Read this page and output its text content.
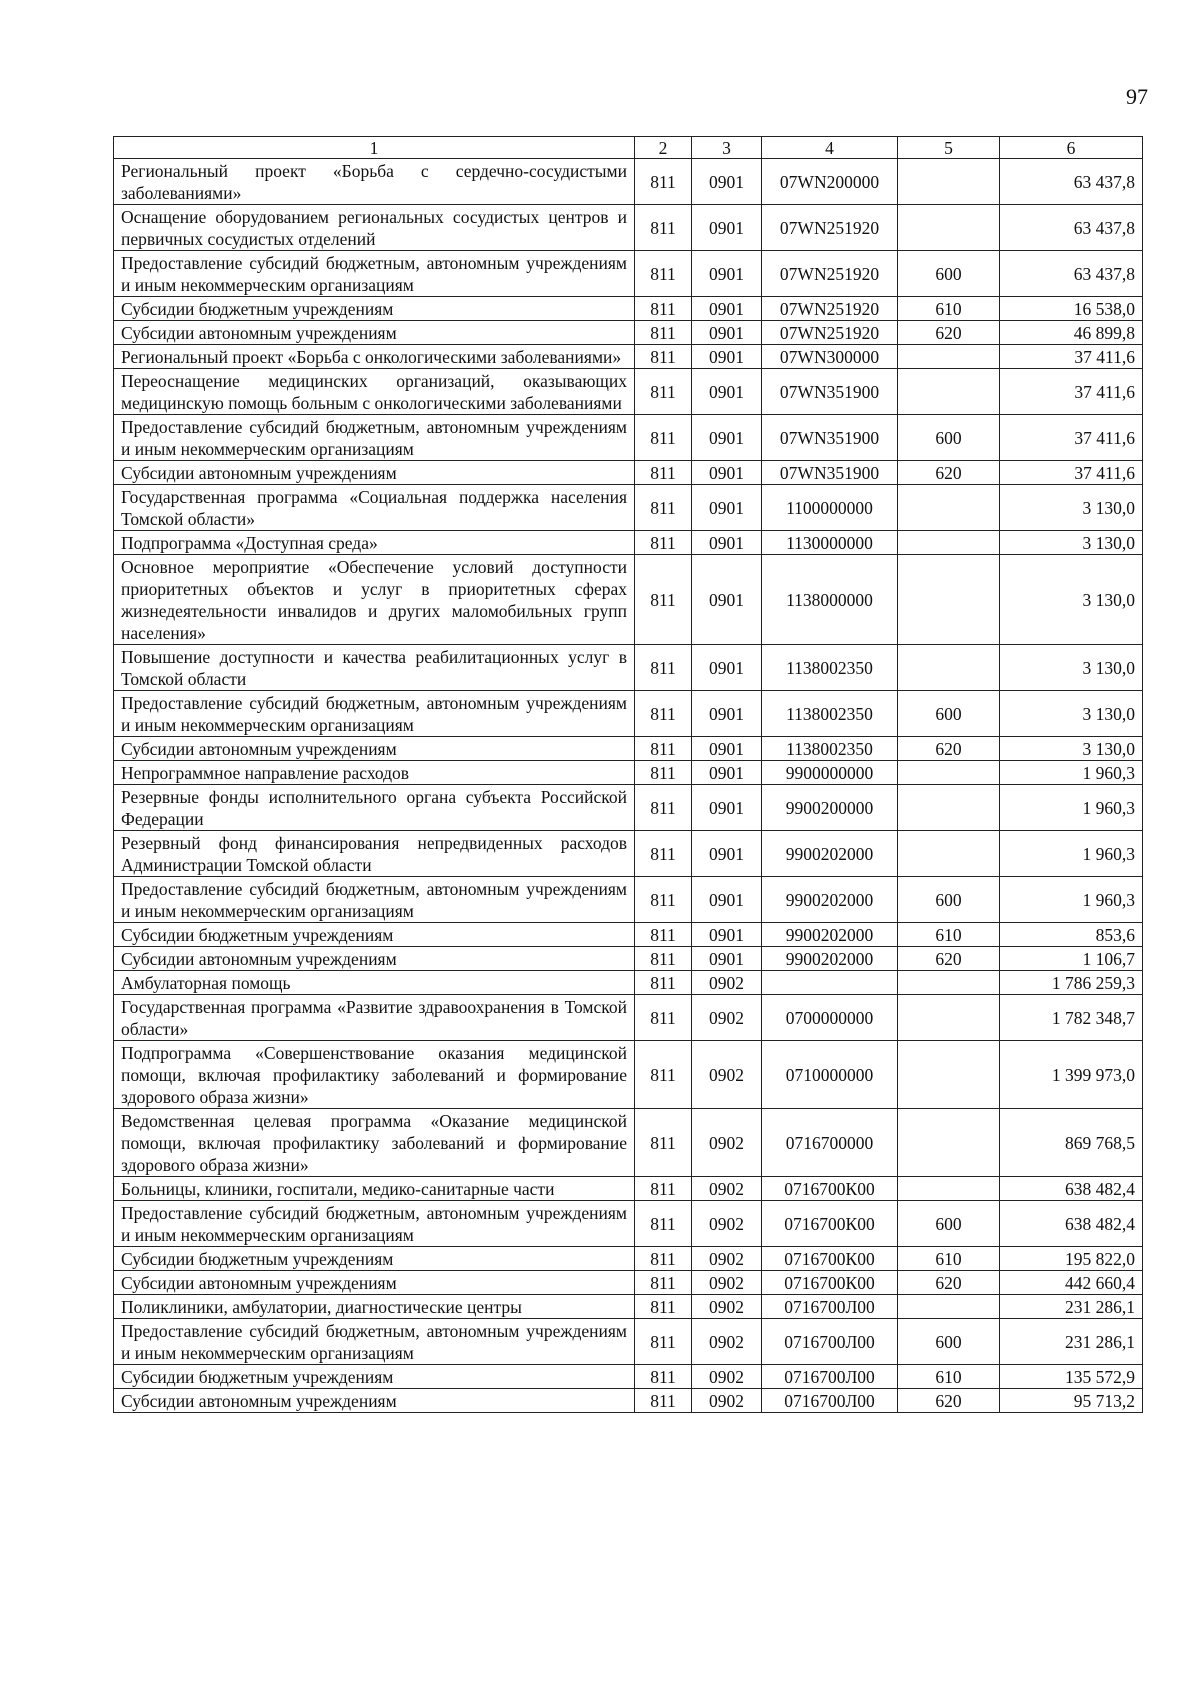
97
1	2	3	4	5	6
Региональный проект «Борьба с сердечно-сосудистыми заболеваниями»	811	0901	07WN200000		63 437,8
Оснащение оборудованием региональных сосудистых центров и первичных сосудистых отделений	811	0901	07WN251920		63 437,8
Предоставление субсидий бюджетным, автономным учреждениям и иным некоммерческим организациям	811	0901	07WN251920	600	63 437,8
Субсидии бюджетным учреждениям	811	0901	07WN251920	610	16 538,0
Субсидии автономным учреждениям	811	0901	07WN251920	620	46 899,8
Региональный проект «Борьба с онкологическими заболеваниями»	811	0901	07WN300000		37 411,6
Переоснащение медицинских организаций, оказывающих медицинскую помощь больным с онкологическими заболеваниями	811	0901	07WN351900		37 411,6
Предоставление субсидий бюджетным, автономным учреждениям и иным некоммерческим организациям	811	0901	07WN351900	600	37 411,6
Субсидии автономным учреждениям	811	0901	07WN351900	620	37 411,6
Государственная программа «Социальная поддержка населения Томской области»	811	0901	1100000000		3 130,0
Подпрограмма «Доступная среда»	811	0901	1130000000		3 130,0
Основное мероприятие «Обеспечение условий доступности приоритетных объектов и услуг в приоритетных сферах жизнедеятельности инвалидов и других маломобильных групп населения»	811	0901	1138000000		3 130,0
Повышение доступности и качества реабилитационных услуг в Томской области	811	0901	1138002350		3 130,0
Предоставление субсидий бюджетным, автономным учреждениям и иным некоммерческим организациям	811	0901	1138002350	600	3 130,0
Субсидии автономным учреждениям	811	0901	1138002350	620	3 130,0
Непрограммное направление расходов	811	0901	9900000000		1 960,3
Резервные фонды исполнительного органа субъекта Российской Федерации	811	0901	9900200000		1 960,3
Резервный фонд финансирования непредвиденных расходов Администрации Томской области	811	0901	9900202000		1 960,3
Предоставление субсидий бюджетным, автономным учреждениям и иным некоммерческим организациям	811	0901	9900202000	600	1 960,3
Субсидии бюджетным учреждениям	811	0901	9900202000	610	853,6
Субсидии автономным учреждениям	811	0901	9900202000	620	1 106,7
Амбулаторная помощь	811	0902			1 786 259,3
Государственная программа «Развитие здравоохранения в Томской области»	811	0902	0700000000		1 782 348,7
Подпрограмма «Совершенствование оказания медицинской помощи, включая профилактику заболеваний и формирование здорового образа жизни»	811	0902	0710000000		1 399 973,0
Ведомственная целевая программа «Оказание медицинской помощи, включая профилактику заболеваний и формирование здорового образа жизни»	811	0902	0716700000		869 768,5
Больницы, клиники, госпитали, медико-санитарные части	811	0902	0716700К00		638 482,4
Предоставление субсидий бюджетным, автономным учреждениям и иным некоммерческим организациям	811	0902	0716700К00	600	638 482,4
Субсидии бюджетным учреждениям	811	0902	0716700К00	610	195 822,0
Субсидии автономным учреждениям	811	0902	0716700К00	620	442 660,4
Поликлиники, амбулатории, диагностические центры	811	0902	0716700Л00		231 286,1
Предоставление субсидий бюджетным, автономным учреждениям и иным некоммерческим организациям	811	0902	0716700Л00	600	231 286,1
Субсидии бюджетным учреждениям	811	0902	0716700Л00	610	135 572,9
Субсидии автономным учреждениям	811	0902	0716700Л00	620	95 713,2
